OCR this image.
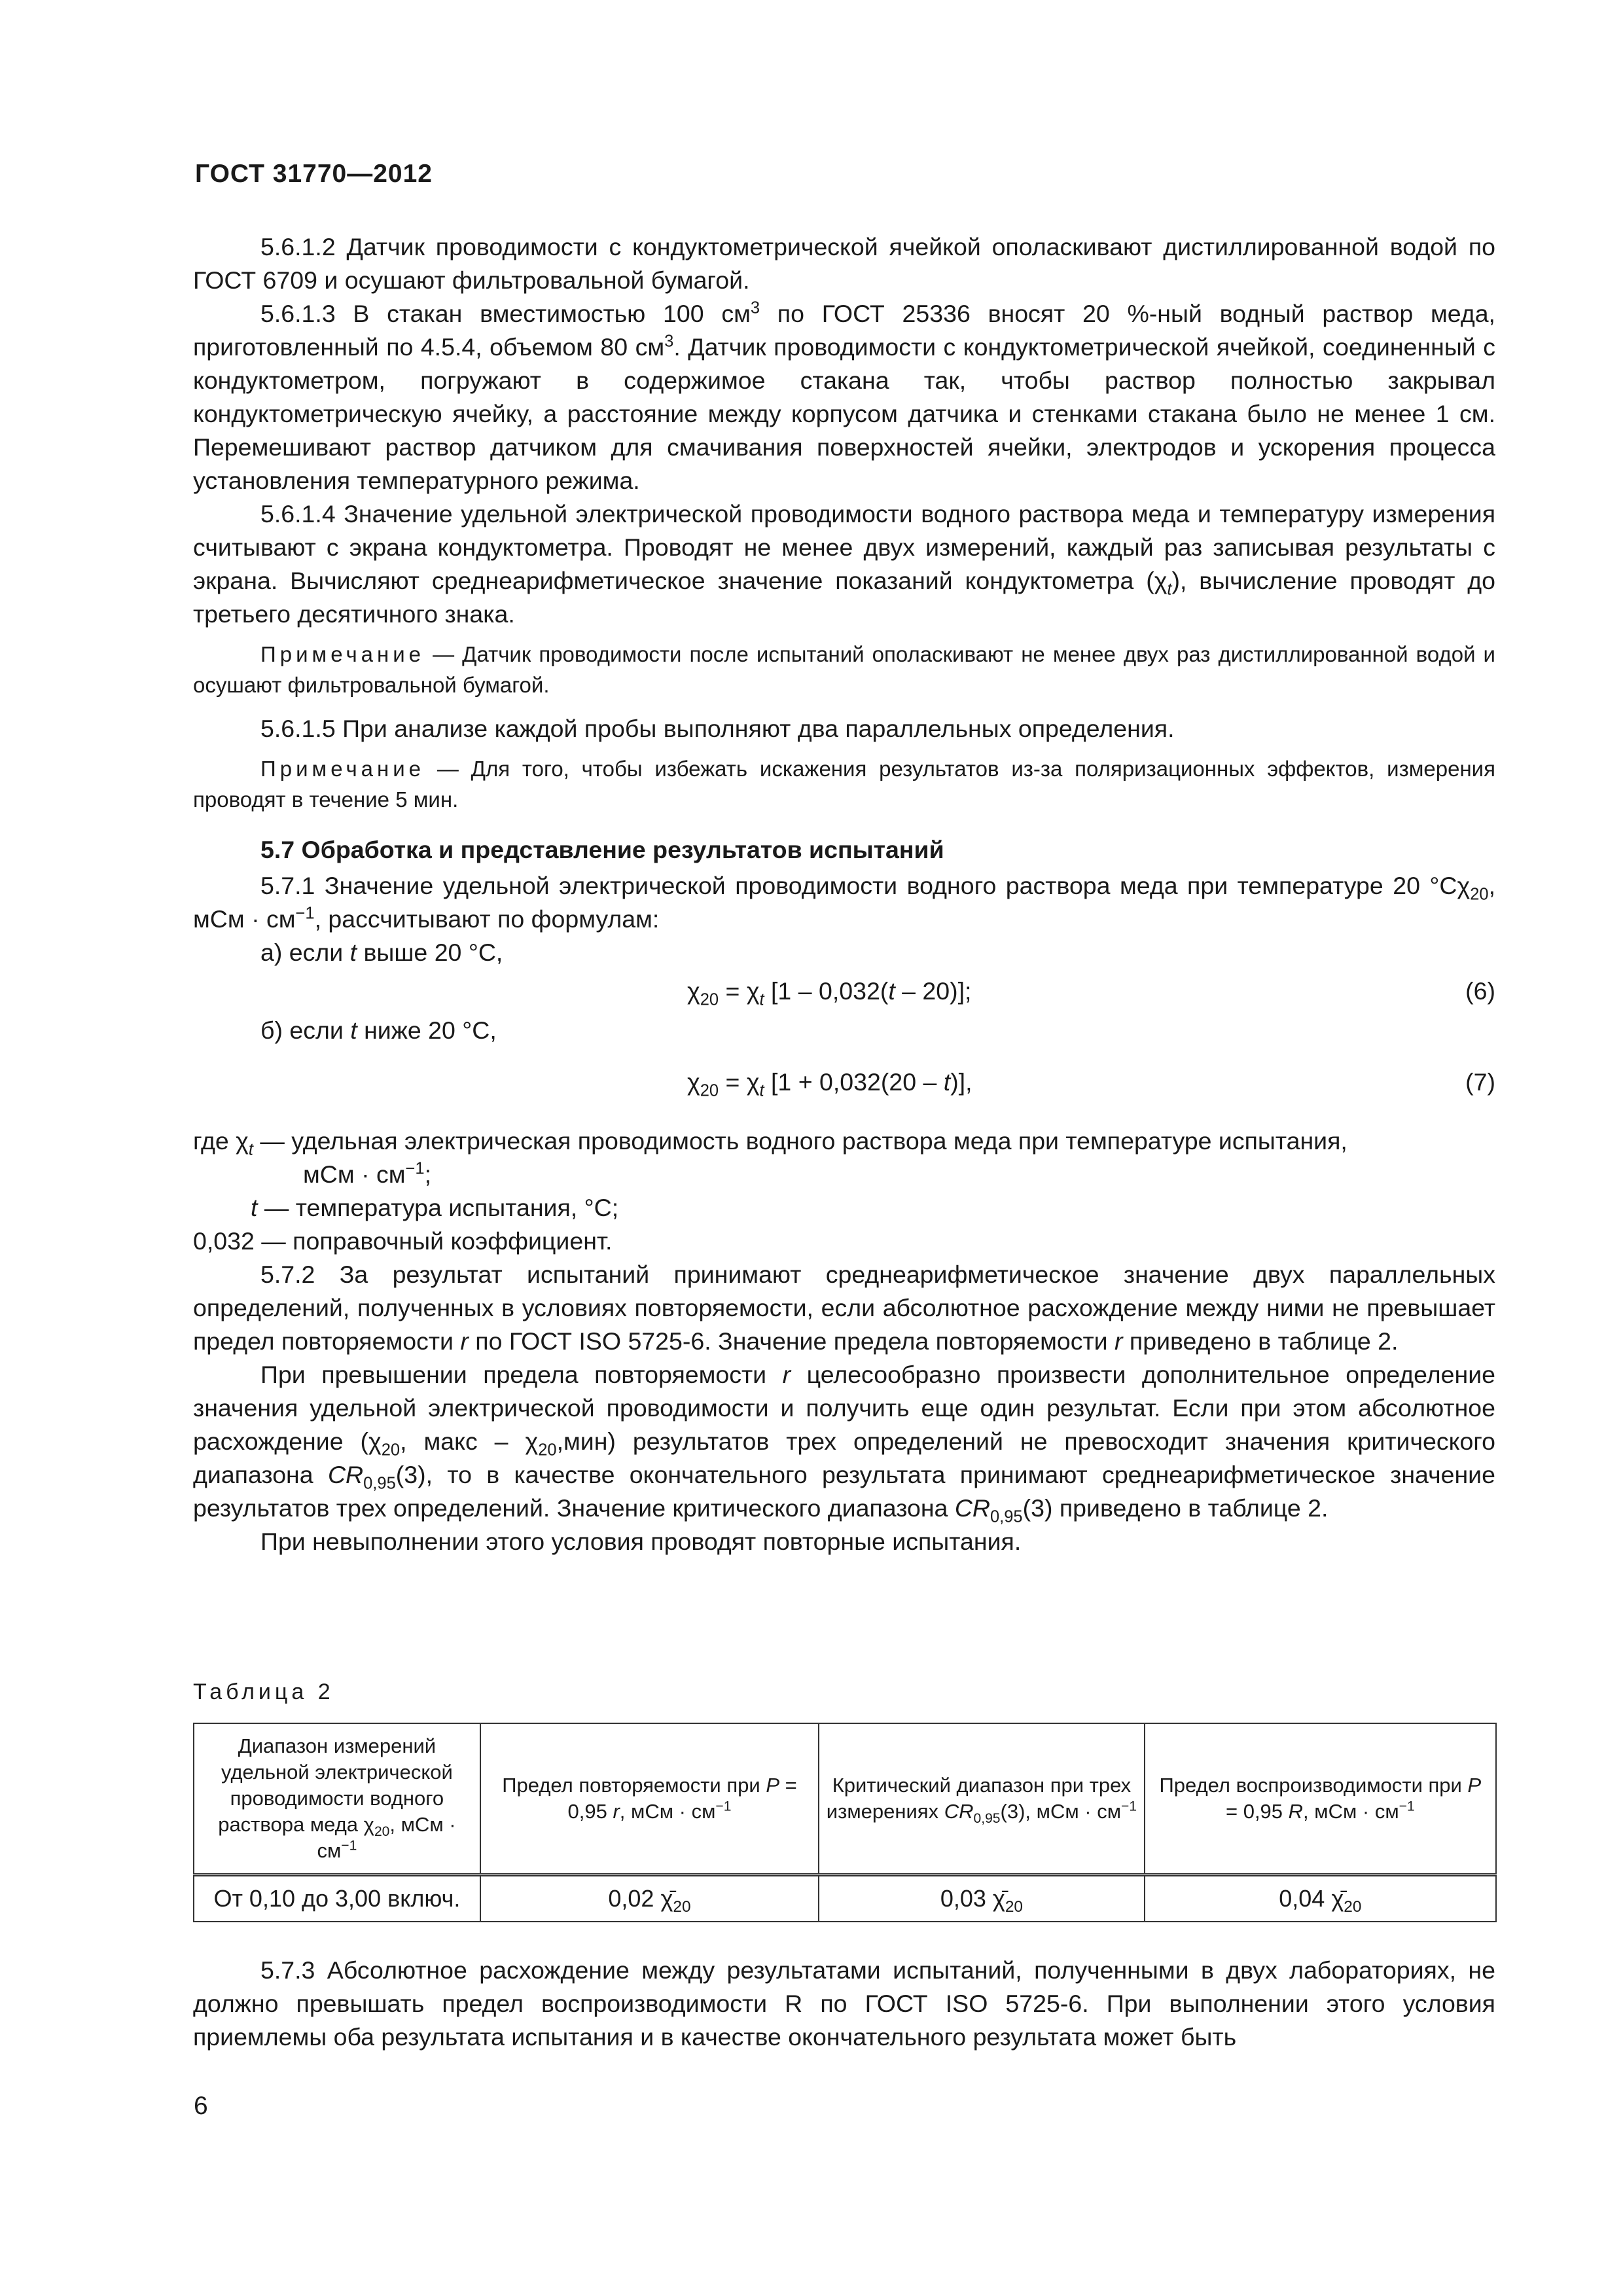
ГОСТ 31770—2012

5.6.1.2 Датчик проводимости с кондуктометрической ячейкой ополаскивают дистиллированной водой по ГОСТ 6709 и осушают фильтровальной бумагой.

5.6.1.3 В стакан вместимостью 100 $см^3$ по ГОСТ 25336 вносят 20 %-ный водный раствор меда, приготовленный по 4.5.4, объемом 80 $см^3$. Датчик проводимости с кондуктометрической ячейкой, соединенный с кондуктометром, погружают в содержимое стакана так, чтобы раствор полностью закрывал кондуктометрическую ячейку, а расстояние между корпусом датчика и стенками стакана было не менее 1 см. Перемешивают раствор датчиком для смачивания поверхностей ячейки, электродов и ускорения процесса установления температурного режима.

5.6.1.4 Значение удельной электрической проводимости водного раствора меда и температуру измерения считывают с экрана кондуктометра. Проводят не менее двух измерений, каждый раз записывая результаты с экрана. Вычисляют среднеарифметическое значение показаний кондуктометра $(\chi_t)$, вычисление проводят до третьего десятичного знака.

Примечание — Датчик проводимости после испытаний ополаскивают не менее двух раз дистиллированной водой и осушают фильтровальной бумагой.

5.6.1.5 При анализе каждой пробы выполняют два параллельных определения.

Примечание — Для того, чтобы избежать искажения результатов из-за поляризационных эффектов, измерения проводят в течение 5 мин.

5.7 Обработка и представление результатов испытаний

5.7.1 Значение удельной электрической проводимости водного раствора меда при температуре 20 $^\circ С\chi_{20}$, мСм · $см^{-1}$, рассчитывают по формулам:

а) если t выше 20 °С,

$\chi_{20} = \chi_t$ [1 – 0,032(t – 20)];	(6)

б) если t ниже 20 °С,

$\chi_{20} = \chi_t$ [1 + 0,032(20 – t)],	(7)
где $\chi_t$ — удельная электрическая проводимость водного раствора меда при температуре испытания,
мСм · $см^{-1}$;
t — температура испытания, °С;
0,032 — поправочный коэффициент.

5.7.2 За результат испытаний принимают среднеарифметическое значение двух параллельных определений, полученных в условиях повторяемости, если абсолютное расхождение между ними не превышает предел повторяемости r по ГОСТ ISO 5725-6. Значение предела повторяемости r приведено в таблице 2.

При превышении предела повторяемости r целесообразно произвести дополнительное определение значения удельной электрической проводимости и получить еще один результат. Если при этом абсолютное расхождение ($\chi_{20}$, макс – $\chi_{20},мин$) результатов трех определений не превосходит значения критического диапазона $CR_{0,95}(3)$, то в качестве окончательного результата принимают среднеарифметическое значение результатов трех определений. Значение критического диапазона $CR_{0,95}(3)$ приведено в таблице 2.

При невыполнении этого условия проводят повторные испытания.

Таблица 2
Диапазон измерений удельной электрической проводимости водного раствора меда $\chi_{20}$, мСм · $см^{-1}$	Предел повторяемости при P = 0,95 r, мСм · $см^{-1}$	Критический диапазон при трех измерениях $CR_{0,95}(3)$, мСм · $см^{-1}$	Предел воспроизводимости при P = 0,95 R, мСм · $см^{-1}$
От 0,10 до 3,00 включ.	0,02 $\chī_{20}$	0,03 $\chī_{20}$	0,04 $\chī_{20}$

5.7.3 Абсолютное расхождение между результатами испытаний, полученными в двух лабораториях, не должно превышать предел воспроизводимости R по ГОСТ ISO 5725-6. При выполнении этого условия приемлемы оба результата испытания и в качестве окончательного результата может быть

6
